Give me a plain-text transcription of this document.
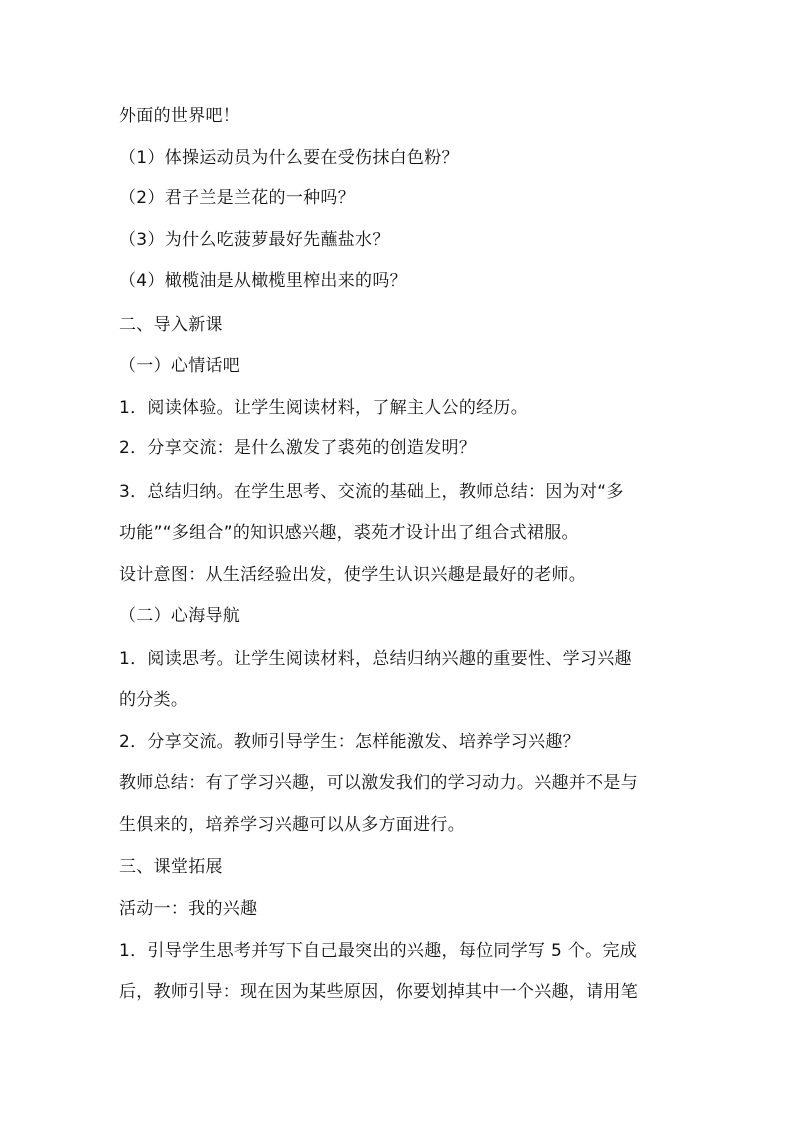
外面的世界吧！
（1）体操运动员为什么要在受伤抹白色粉？
（2）君子兰是兰花的一种吗？
（3）为什么吃菠萝最好先蘸盐水？
（4）橄榄油是从橄榄里榨出来的吗？
二、导入新课
（一）心情话吧
1．阅读体验。让学生阅读材料，了解主人公的经历。
2．分享交流：是什么激发了裘苑的创造发明？
3．总结归纳。在学生思考、交流的基础上，教师总结：因为对“多
功能”“多组合”的知识感兴趣，裘苑才设计出了组合式裙服。
设计意图：从生活经验出发，使学生认识兴趣是最好的老师。
（二）心海导航
1．阅读思考。让学生阅读材料，总结归纳兴趣的重要性、学习兴趣
的分类。
2．分享交流。教师引导学生：怎样能激发、培养学习兴趣？
教师总结：有了学习兴趣，可以激发我们的学习动力。兴趣并不是与
生俱来的，培养学习兴趣可以从多方面进行。
三、课堂拓展
活动一：我的兴趣
1．引导学生思考并写下自己最突出的兴趣，每位同学写 5 个。完成
后，教师引导：现在因为某些原因，你要划掉其中一个兴趣，请用笔
